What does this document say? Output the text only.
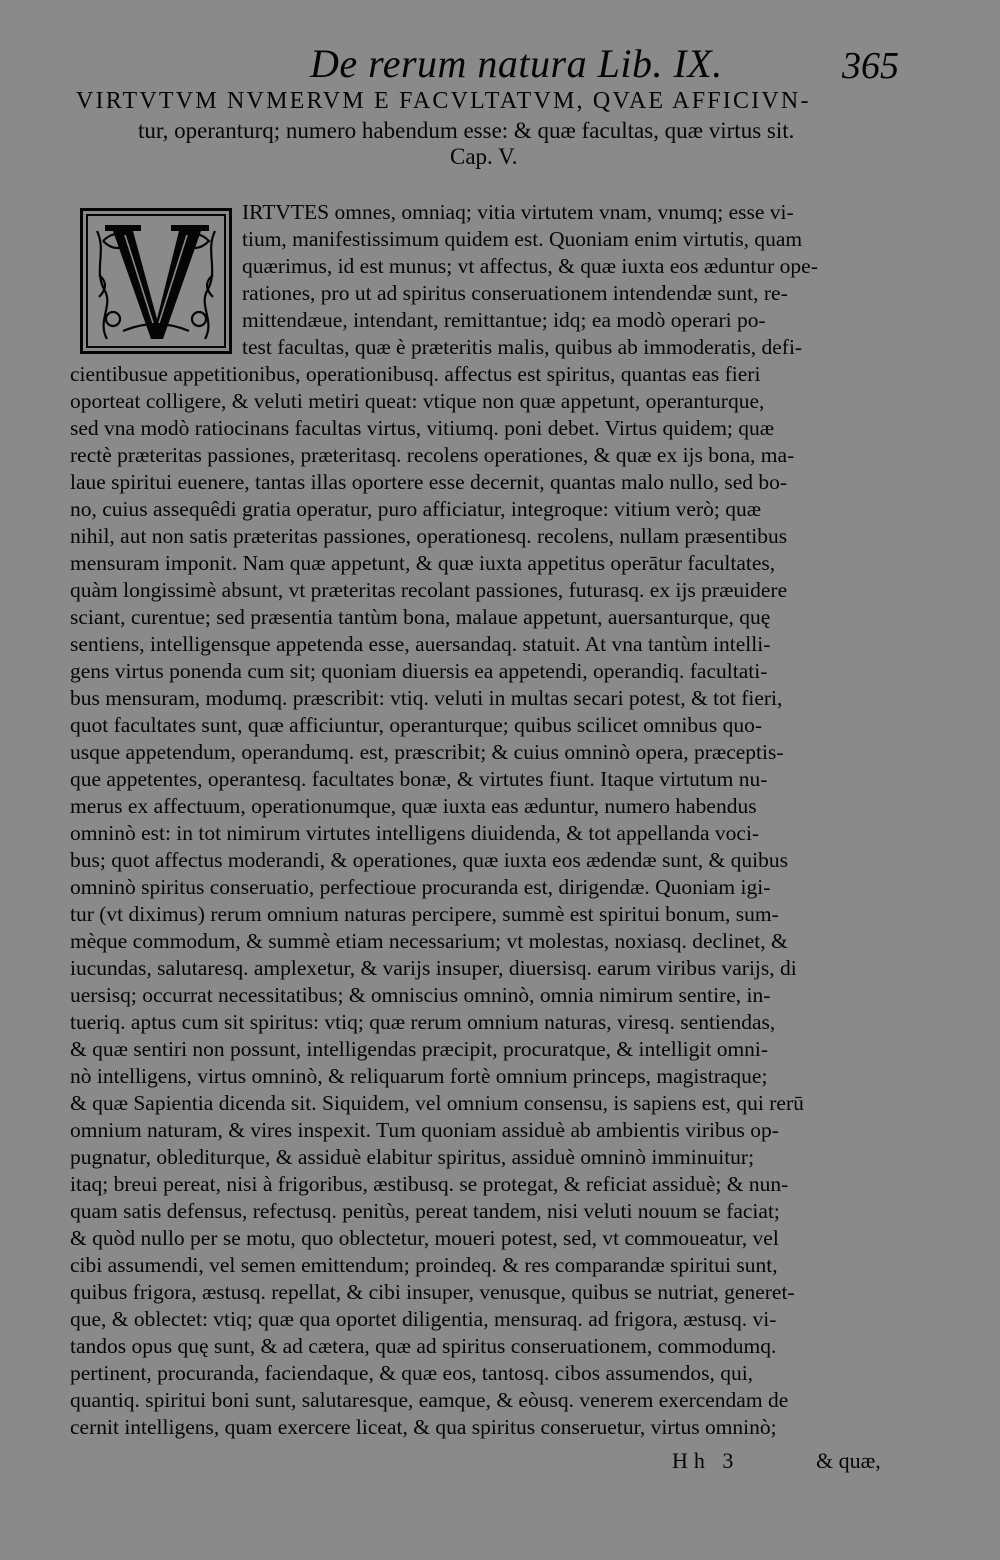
De rerum natura Lib. IX.	365
VIRTVTVM NVMERVM E FACVLTATVM, QVAE AFFICIVN-
tur, operanturq; numero habendum esse: & quæ facultas, quæ virtus sit.
Cap. V.
IRTVTES omnes, omniaq; vitia virtutem vnam, vnumq; esse vi-
tium, manifestissimum quidem est. Quoniam enim virtutis, quam
quærimus, id est munus; vt affectus, & quæ iuxta eos æduntur ope-
rationes, pro ut ad spiritus conseruationem intendendæ sunt, re-
mittendæue, intendant, remittantue; idq; ea modò operari po-
test facultas, quæ è præteritis malis, quibus ab immoderatis, defi-
cientibusue appetitionibus, operationibusq. affectus est spiritus, quantas eas fieri
oporteat colligere, & veluti metiri queat: vtique non quæ appetunt, operanturque,
sed vna modò ratiocinans facultas virtus, vitiumq. poni debet. Virtus quidem; quæ
rectè præteritas passiones, præteritasq. recolens operationes, & quæ ex ijs bona, ma-
laue spiritui euenere, tantas illas oportere esse decernit, quantas malo nullo, sed bo-
no, cuius assequêdi gratia operatur, puro afficiatur, integroque: vitium verò; quæ
nihil, aut non satis præteritas passiones, operationesq. recolens, nullam præsentibus
mensuram imponit. Nam quæ appetunt, & quæ iuxta appetitus operātur facultates,
quàm longissimè absunt, vt præteritas recolant passiones, futurasq. ex ijs præuidere
sciant, curentue; sed præsentia tantùm bona, malaue appetunt, auersanturque, quę
sentiens, intelligensque appetenda esse, auersandaq. statuit. At vna tantùm intelli-
gens virtus ponenda cum sit; quoniam diuersis ea appetendi, operandiq. facultati-
bus mensuram, modumq. præscribit: vtiq. veluti in multas secari potest, & tot fieri,
quot facultates sunt, quæ afficiuntur, operanturque; quibus scilicet omnibus quo-
usque appetendum, operandumq. est, præscribit; & cuius omninò opera, præceptis-
que appetentes, operantesq. facultates bonæ, & virtutes fiunt. Itaque virtutum nu-
merus ex affectuum, operationumque, quæ iuxta eas æduntur, numero habendus
omninò est: in tot nimirum virtutes intelligens diuidenda, & tot appellanda voci-
bus; quot affectus moderandi, & operationes, quæ iuxta eos ædendæ sunt, & quibus
omninò spiritus conseruatio, perfectioue procuranda est, dirigendæ. Quoniam igi-
tur (vt diximus) rerum omnium naturas percipere, summè est spiritui bonum, sum-
mèque commodum, & summè etiam necessarium; vt molestas, noxiasq. declinet, &
iucundas, salutaresq. amplexetur, & varijs insuper, diuersisq. earum viribus varijs, di
uersisq; occurrat necessitatibus; & omniscius omninò, omnia nimirum sentire, in-
tueriq. aptus cum sit spiritus: vtiq; quæ rerum omnium naturas, viresq. sentiendas,
& quæ sentiri non possunt, intelligendas præcipit, procuratque, & intelligit omni-
nò intelligens, virtus omninò, & reliquarum fortè omnium princeps, magistraque;
& quæ Sapientia dicenda sit. Siquidem, vel omnium consensu, is sapiens est, qui rerū
omnium naturam, & vires inspexit. Tum quoniam assiduè ab ambientis viribus op-
pugnatur, oblediturque, & assiduè elabitur spiritus, assiduè omninò imminuitur;
itaq; breui pereat, nisi à frigoribus, æstibusq. se protegat, & reficiat assiduè; & nun-
quam satis defensus, refectusq. penitùs, pereat tandem, nisi veluti nouum se faciat;
& quòd nullo per se motu, quo oblectetur, moueri potest, sed, vt commoueatur, vel
cibi assumendi, vel semen emittendum; proindeq. & res comparandæ spiritui sunt,
quibus frigora, æstusq. repellat, & cibi insuper, venusque, quibus se nutriat, generet-
que, & oblectet: vtiq; quæ qua oportet diligentia, mensuraq. ad frigora, æstusq. vi-
tandos opus quę sunt, & ad cætera, quæ ad spiritus conseruationem, commodumq.
pertinent, procuranda, faciendaque, & quæ eos, tantosq. cibos assumendos, qui,
quantiq. spiritui boni sunt, salutaresque, eamque, & eòusq. venerem exercendam de
cernit intelligens, quam exercere liceat, & qua spiritus conseruetur, virtus omninò;
Hh 3	& quæ,
